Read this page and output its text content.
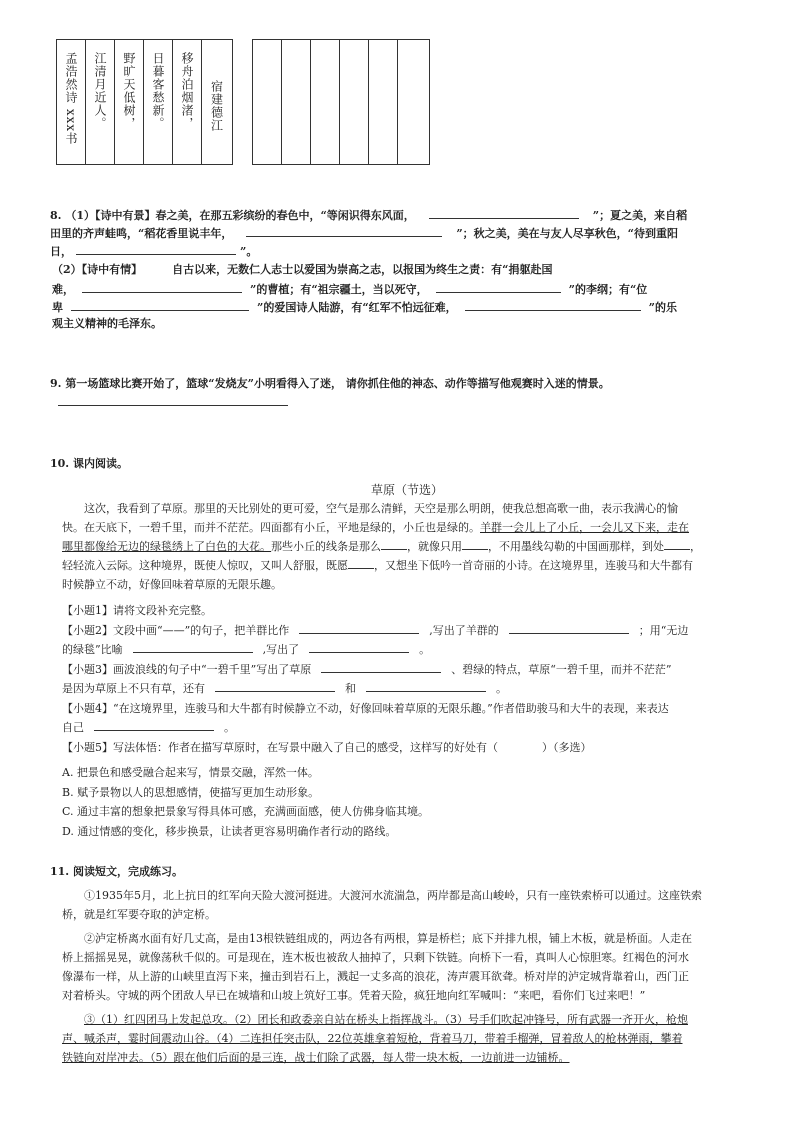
孟浩然诗 xxx书 江清月近人。 野旷天低树， 日暮客愁新。 移舟泊烟渚， 宿建德江
8. （1）【诗中有景】春之美，在那五彩缤纷的春色中，“等闲识得东风面，	”；夏之美，来自稻
田里的齐声蛙鸣，“稻花香里说丰年，	”；秋之美，美在与友人尽享秋色，“待到重阳
日，	”。
（2）【诗中有情】	自古以来，无数仁人志士以爱国为崇高之志，以报国为终生之责：有“捐躯赴国
难，	”的曹植；有“祖宗疆土，当以死守，	”的李纲；有“位
卑	”的爱国诗人陆游，有“红军不怕远征难，	”的乐
观主义精神的毛泽东。
9. 第一场篮球比赛开始了，篮球“发烧友”小明看得入了迷， 请你抓住他的神态、动作等描写他观赛时入迷的情景。
10. 课内阅读。
草原（节选）
这次，我看到了草原。那里的天比别处的更可爱，空气是那么清鲜，天空是那么明朗，使我总想高歌一曲，表示我满心的愉
快。在天底下，一碧千里，而并不茫茫。四面都有小丘，平地是绿的，小丘也是绿的。羊群一会儿上了小丘，一会儿又下来，走在
哪里都像给无边的绿毯绣上了白色的大花。那些小丘的线条是那么 ，就像只用 ，不用墨线勾勒的中国画那样，到处 ，
轻轻流入云际。这种境界，既使人惊叹，又叫人舒服，既愿 ，又想坐下低吟一首奇丽的小诗。在这境界里，连骏马和大牛都有
时候静立不动，好像回味着草原的无限乐趣。
【小题1】请将文段补充完整。
【小题2】文段中画“——”的句子，把羊群比作	,写出了羊群的	；用“无边
的绿毯”比喻	,写出了	。
【小题3】画波浪线的句子中“一碧千里”写出了草原	、碧绿的特点，草原“一碧千里，而并不茫茫”
是因为草原上不只有草，还有	和	。
【小题4】“在这境界里，连骏马和大牛都有时候静立不动，好像回味着草原的无限乐趣。”作者借助骏马和大牛的表现，来表达
自己	。
【小题5】写法体悟：作者在描写草原时，在写景中融入了自己的感受，这样写的好处有（　　　　）（多选）
A. 把景色和感受融合起来写，情景交融，浑然一体。
B. 赋予景物以人的思想感情，使描写更加生动形象。
C. 通过丰富的想象把景象写得具体可感，充满画面感，使人仿佛身临其境。
D. 通过情感的变化，移步换景，让读者更容易明确作者行动的路线。
11. 阅读短文，完成练习。
①1935年5月，北上抗日的红军向天险大渡河挺进。大渡河水流湍急，两岸都是高山峻岭，只有一座铁索桥可以通过。这座铁索
桥，就是红军要夺取的泸定桥。
②泸定桥离水面有好几丈高，是由13根铁链组成的，两边各有两根，算是桥栏；底下并排九根，铺上木板，就是桥面。人走在
桥上摇摇晃晃，就像荡秋千似的。可是现在，连木板也被敌人抽掉了，只剩下铁链。向桥下一看，真叫人心惊胆寒。红褐色的河水
像瀑布一样，从上游的山峡里直泻下来，撞击到岩石上，溅起一丈多高的浪花，涛声震耳欲聋。桥对岸的泸定城背靠着山，西门正
对着桥头。守城的两个团敌人早已在城墙和山坡上筑好工事。凭着天险，疯狂地向红军喊叫：“来吧，看你们飞过来吧！”
③（1）红四团马上发起总攻。（2）团长和政委亲自站在桥头上指挥战斗。（3）号手们吹起冲锋号，所有武器一齐开火，枪炮
声、喊杀声，霎时间震动山谷。（4）二连担任突击队，22位英雄拿着短枪，背着马刀，带着手榴弹，冒着敌人的枪林弹雨，攀着
铁链向对岸冲去。（5）跟在他们后面的是三连，战士们除了武器，每人带一块木板，一边前进一边铺桥。
